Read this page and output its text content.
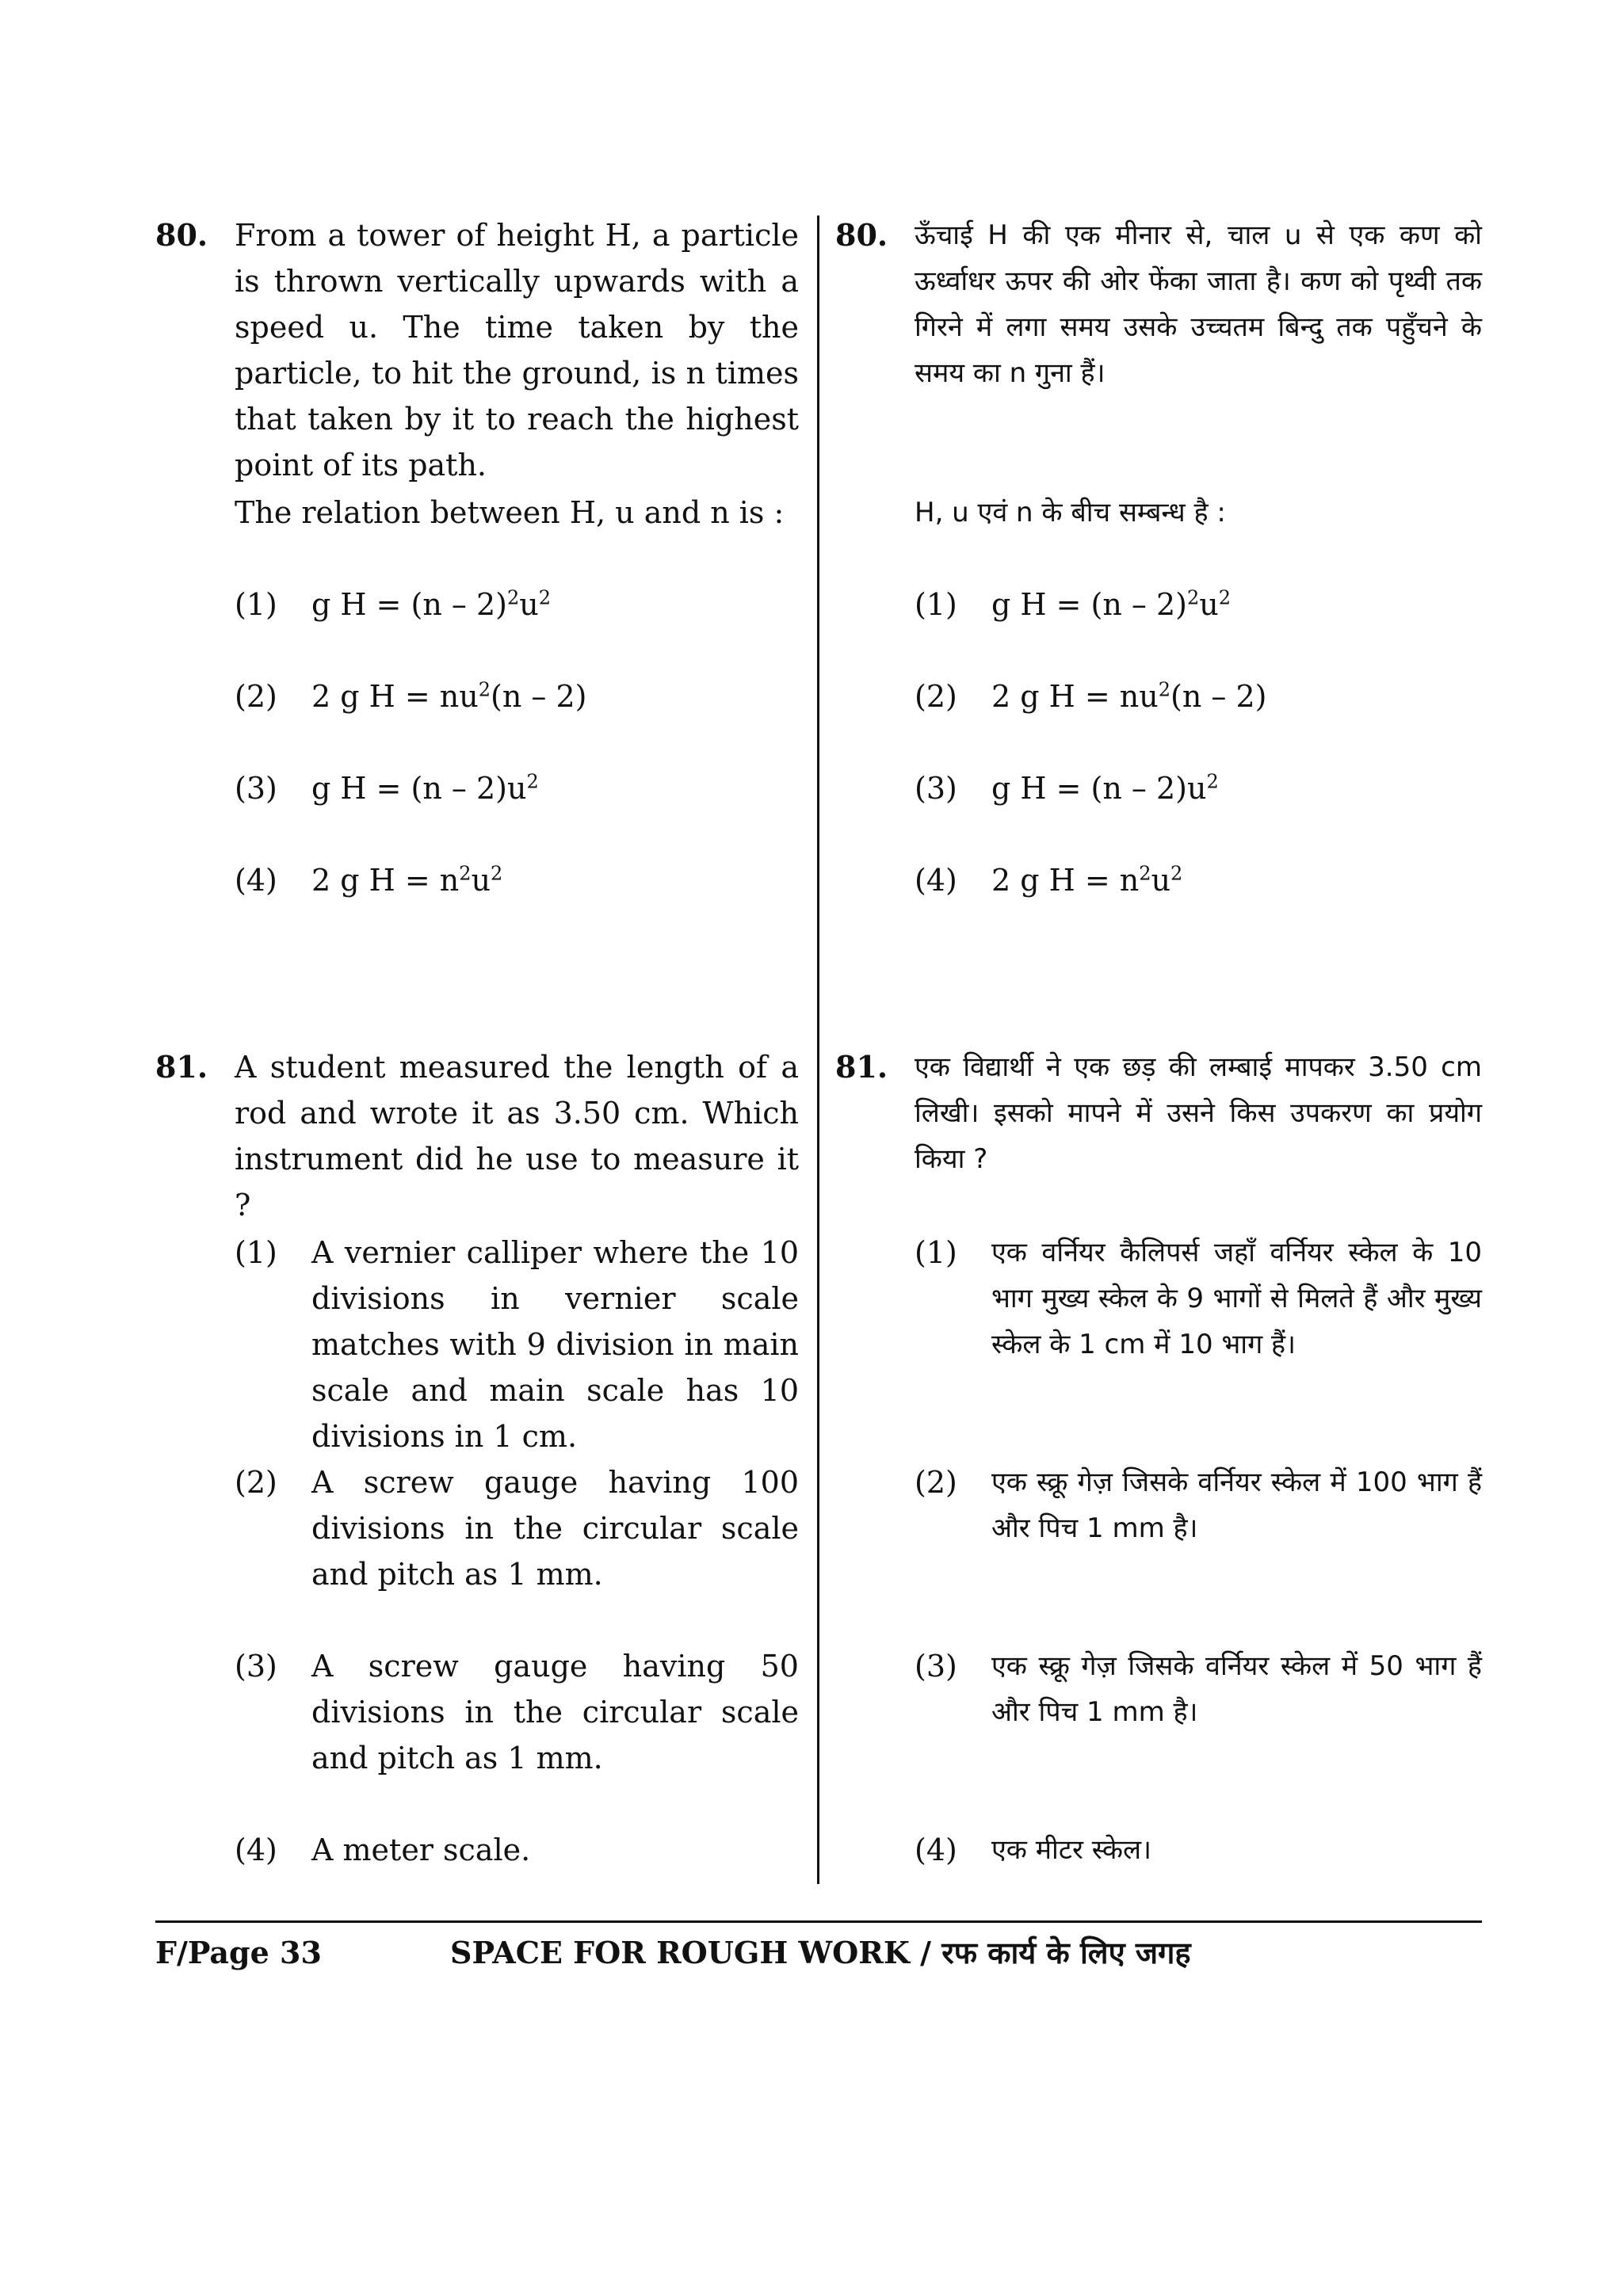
80. From a tower of height H, a particle is thrown vertically upwards with a speed u. The time taken by the particle, to hit the ground, is n times that taken by it to reach the highest point of its path.
The relation between H, u and n is :
(1) g $H = (n - 2)^2u^2$
(2) 2 g $H = nu^2(n - 2)$
(3) g $H = (n - 2)u^2$
(4) 2 g $H = n^2u^2$
81. A student measured the length of a rod and wrote it as 3.50 cm. Which instrument did he use to measure it ?
(1) A vernier calliper where the 10 divisions in vernier scale matches with 9 division in main scale and main scale has 10 divisions in 1 cm.
(2) A screw gauge having 100 divisions in the circular scale and pitch as 1 mm.
(3) A screw gauge having 50 divisions in the circular scale and pitch as 1 mm.
(4) A meter scale.
80. ऊँचाई H की एक मीनार से, चाल u से एक कण को ऊर्ध्वाधर ऊपर की ओर फेंका जाता है। कण को पृथ्वी तक गिरने में लगा समय उसके उच्चतम बिन्दु तक पहुँचने के समय का n गुना हैं।
H, u एवं n के बीच सम्बन्ध है :
(1) g $H = (n - 2)^2u^2$
(2) 2 g $H = nu^2(n - 2)$
(3) g $H = (n - 2)u^2$
(4) 2 g $H = n^2u^2$
81. एक विद्यार्थी ने एक छड़ की लम्बाई मापकर 3.50 cm लिखी। इसको मापने में उसने किस उपकरण का प्रयोग किया ?
(1) एक वर्नियर कैलिपर्स जहाँ वर्नियर स्केल के 10 भाग मुख्य स्केल के 9 भागों से मिलते हैं और मुख्य स्केल के 1 cm में 10 भाग हैं।
(2) एक स्क्रू गेज़ जिसके वर्नियर स्केल में 100 भाग हैं और पिच 1 mm है।
(3) एक स्क्रू गेज़ जिसके वर्नियर स्केल में 50 भाग हैं और पिच 1 mm है।
(4) एक मीटर स्केल।
F/Page 33	SPACE FOR ROUGH WORK / रफ कार्य के लिए जगह
